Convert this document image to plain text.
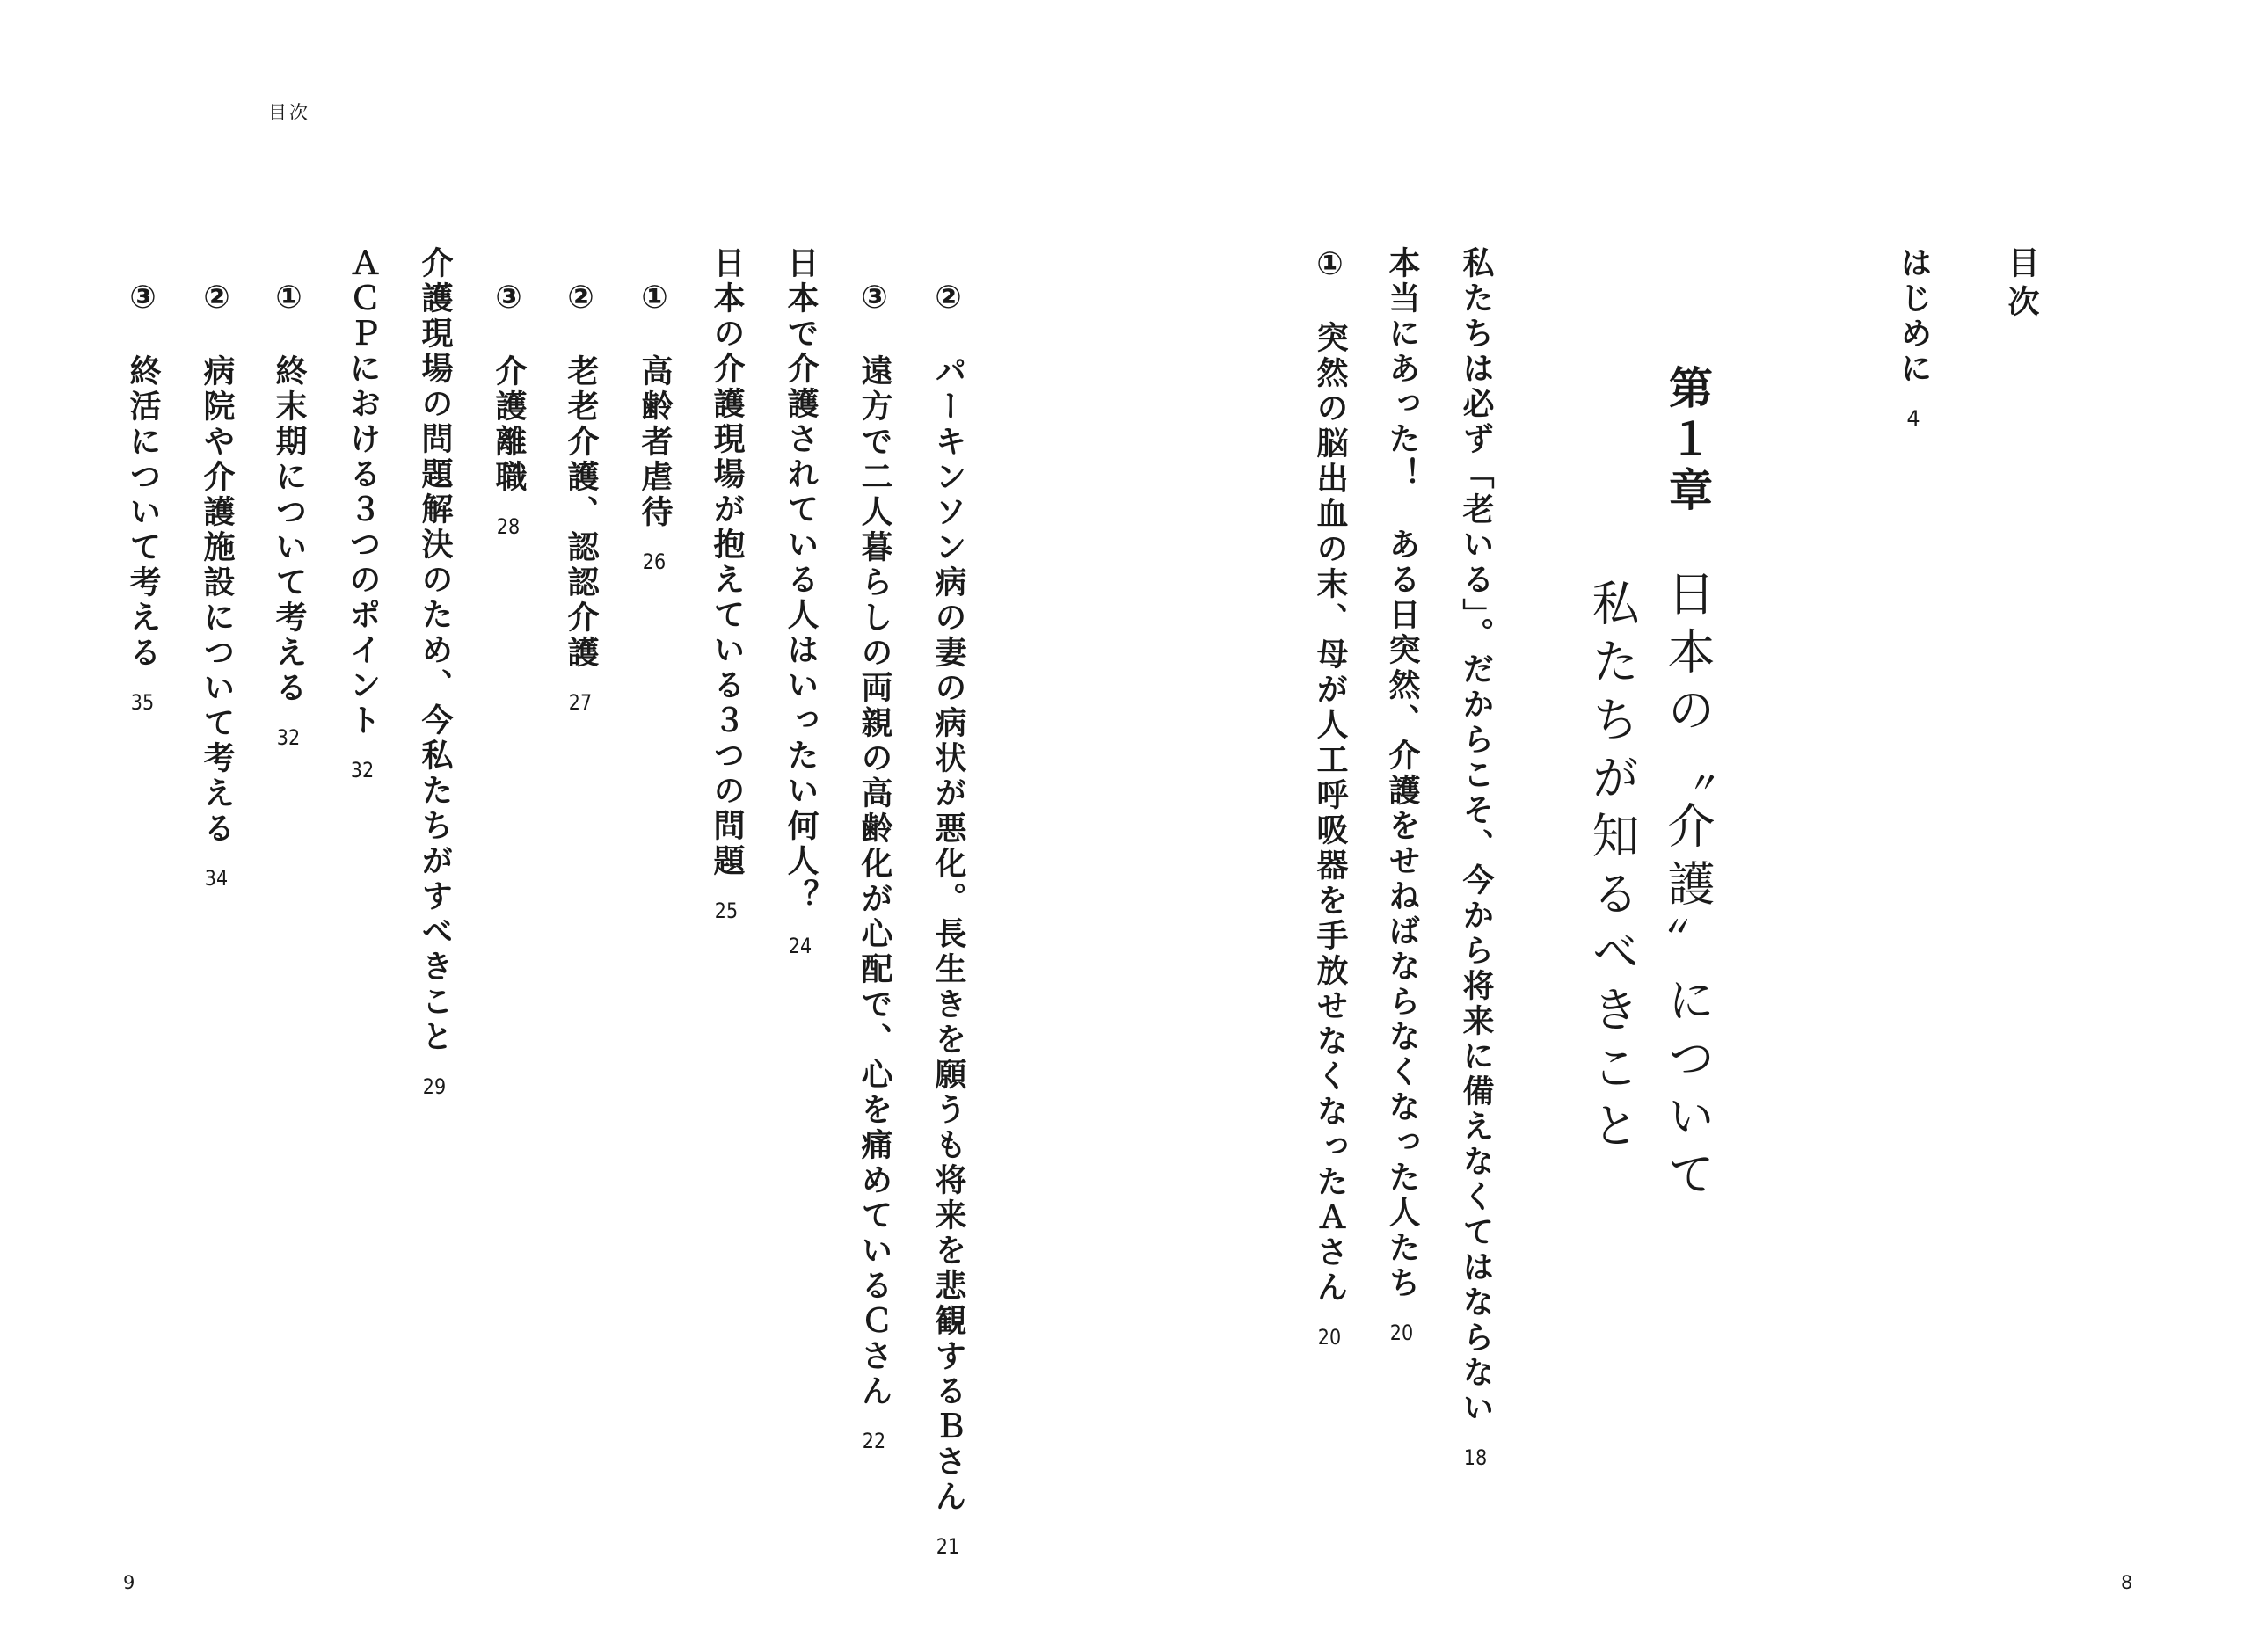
目次
目次
はじめに4
第１章日本の〝介護〟について
私たちが知るべきこと
私たちは必ず「老いる」。だからこそ、今から将来に備えなくてはならない18
本当にあった！　ある日突然、介護をせねばならなくなった人たち20
①　突然の脳出血の末、母が人工呼吸器を手放せなくなったＡさん20
②　パーキンソン病の妻の病状が悪化。長生きを願うも将来を悲観するＢさん21
③　遠方で二人暮らしの両親の高齢化が心配で、心を痛めているＣさん22
日本で介護されている人はいったい何人？24
日本の介護現場が抱えている３つの問題25
①　高齢者虐待26
②　老老介護、認認介護27
③　介護離職28
介護現場の問題解決のため、今私たちがすべきこと29
ＡＣＰにおける３つのポイント32
①　終末期について考える32
②　病院や介護施設について考える34
③　終活について考える35
9	8
